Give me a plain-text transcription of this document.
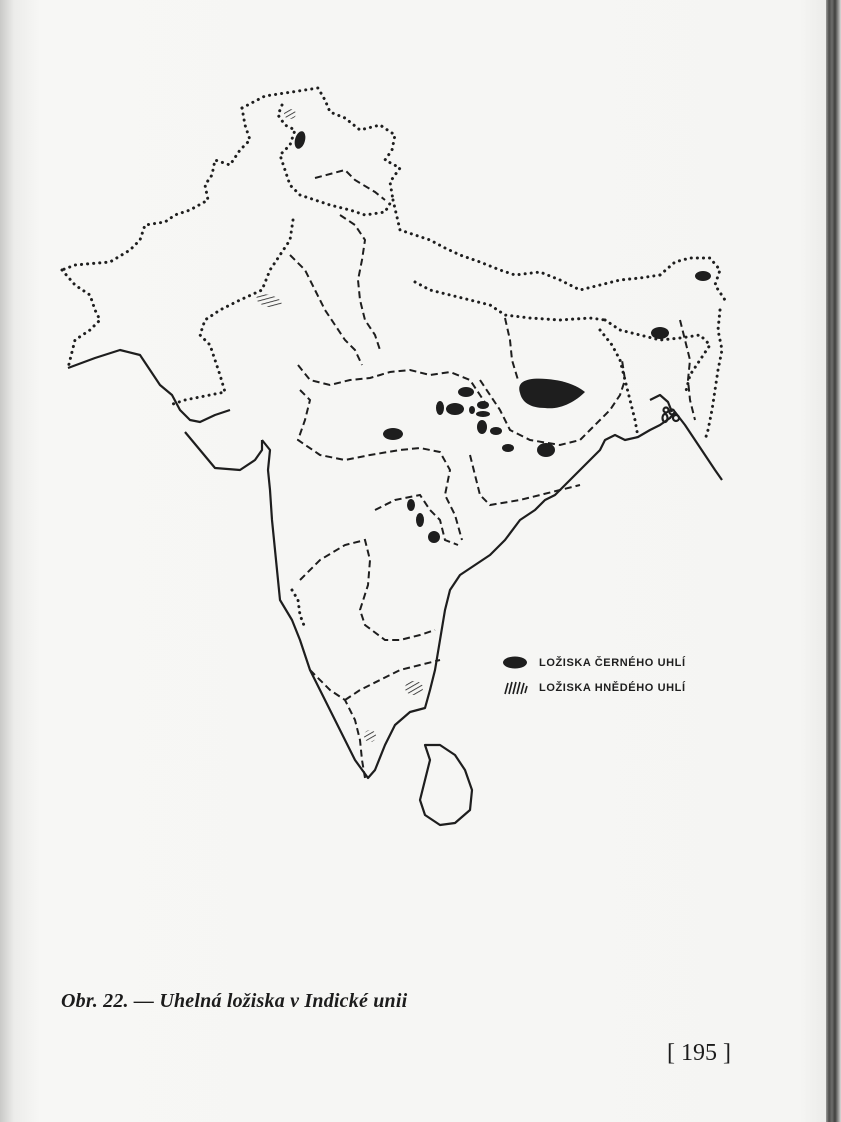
LOŽISKA ČERNÉHO UHLÍ
LOŽISKA HNĚDÉHO UHLÍ
Obr. 22. — Uhelná ložiska v Indické unii
[ 195 ]
